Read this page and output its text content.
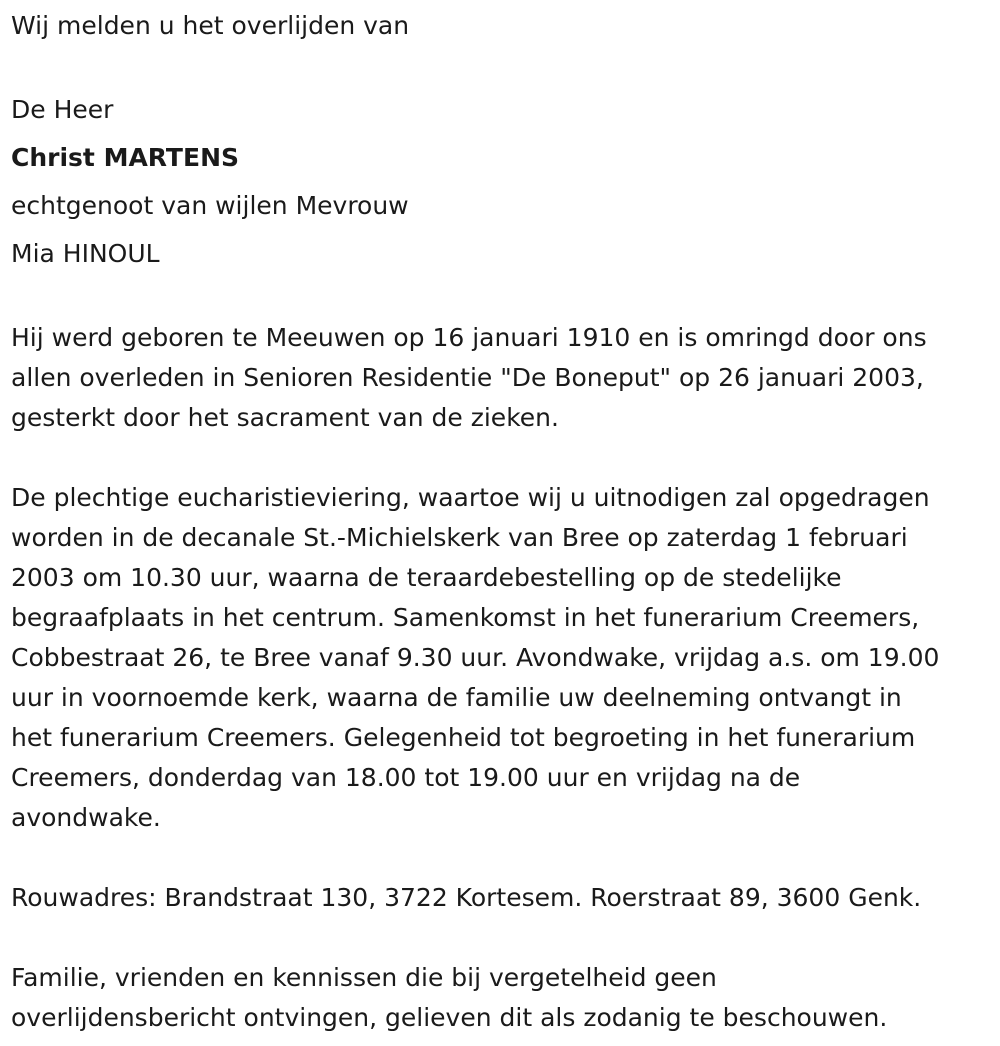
Wij melden u het overlijden van

De Heer

Christ MARTENS

echtgenoot van wijlen Mevrouw

Mia HINOUL

Hij werd geboren te Meeuwen op 16 januari 1910 en is omringd door ons

allen overleden in Senioren Residentie "De Boneput" op 26 januari 2003,

gesterkt door het sacrament van de zieken.

De plechtige eucharistieviering, waartoe wij u uitnodigen zal opgedragen

worden in de decanale St.-Michielskerk van Bree op zaterdag 1 februari

2003 om 10.30 uur, waarna de teraardebestelling op de stedelijke

begraafplaats in het centrum. Samenkomst in het funerarium Creemers,

Cobbestraat 26, te Bree vanaf 9.30 uur. Avondwake, vrijdag a.s. om 19.00

uur in voornoemde kerk, waarna de familie uw deelneming ontvangt in

het funerarium Creemers. Gelegenheid tot begroeting in het funerarium

Creemers, donderdag van 18.00 tot 19.00 uur en vrijdag na de

avondwake.

Rouwadres: Brandstraat 130, 3722 Kortesem. Roerstraat 89, 3600 Genk.

Familie, vrienden en kennissen die bij vergetelheid geen

overlijdensbericht ontvingen, gelieven dit als zodanig te beschouwen.
